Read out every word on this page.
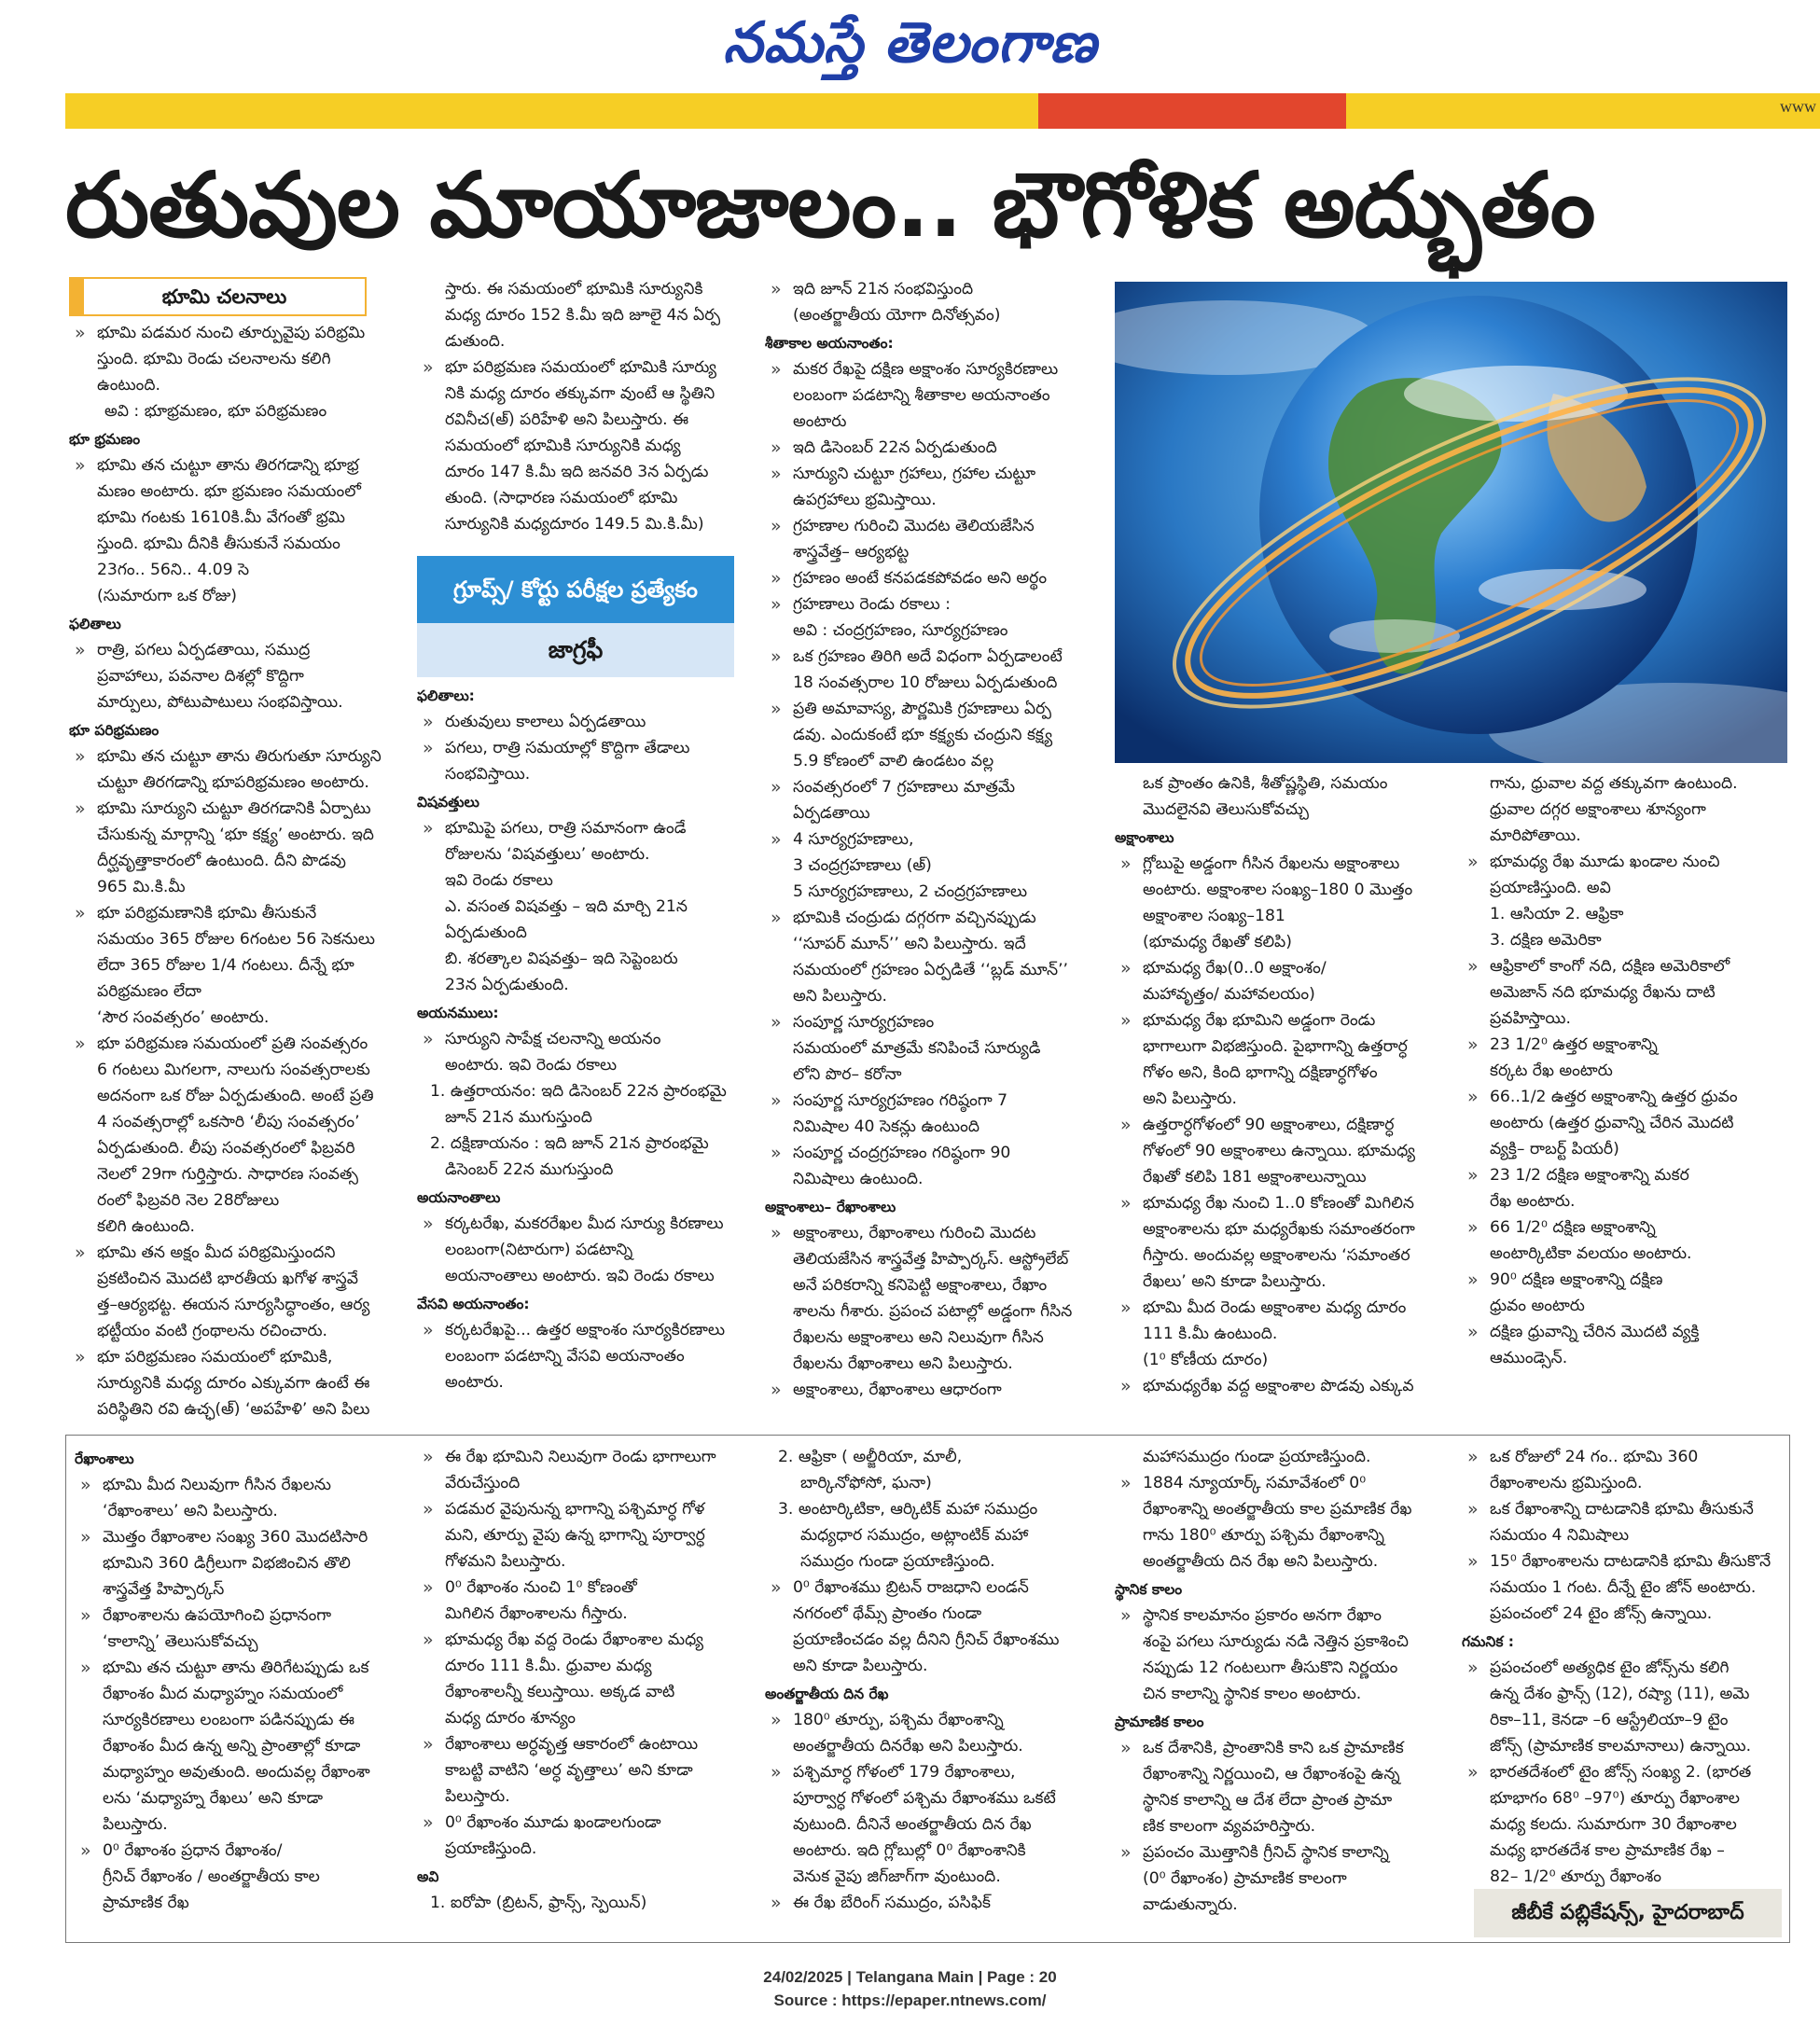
నమస్తే తెలంగాణ
www
రుతువుల మాయాజాలం.. భౌగోళిక అద్భుతం
భూమి చలనాలు

» భూమి పడమర నుంచి తూర్పువైపు పరిభ్రమి

స్తుంది. భూమి రెండు చలనాలను కలిగి

ఉంటుంది.

అవి : భూభ్రమణం, భూ పరిభ్రమణం

భూ భ్రమణం

» భూమి తన చుట్టూ తాను తిరగడాన్ని భూభ్ర

మణం అంటారు. భూ భ్రమణం సమయంలో

భూమి గంటకు 1610కి.మీ వేగంతో భ్రమి

స్తుంది. భూమి దీనికి తీసుకునే సమయం

23గం.. 56ని.. 4.09 సె

(సుమారుగా ఒక రోజు)

ఫలితాలు

» రాత్రి, పగలు ఏర్పడతాయి, సముద్ర

ప్రవాహాలు, పవనాల దిశల్లో కొద్దిగా

మార్పులు, పోటుపాటులు సంభవిస్తాయి.

భూ పరిభ్రమణం

» భూమి తన చుట్టూ తాను తిరుగుతూ సూర్యుని

చుట్టూ తిరగడాన్ని భూపరిభ్రమణం అంటారు.

» భూమి సూర్యుని చుట్టూ తిరగడానికి ఏర్పాటు

చేసుకున్న మార్గాన్ని ‘భూ కక్ష్య’ అంటారు. ఇది

దీర్ఘవృత్తాకారంలో ఉంటుంది. దీని పొడవు

965 మి.కి.మీ

» భూ పరిభ్రమణానికి భూమి తీసుకునే

సమయం 365 రోజుల 6గంటల 56 సెకనులు

లేదా 365 రోజుల 1/4 గంటలు. దీన్నే భూ

పరిభ్రమణం లేదా

‘సౌర సంవత్సరం’ అంటారు.

» భూ పరిభ్రమణ సమయంలో ప్రతి సంవత్సరం

6 గంటలు మిగలగా, నాలుగు సంవత్సరాలకు

అదనంగా ఒక రోజు ఏర్పడుతుంది. అంటే ప్రతి

4 సంవత్సరాల్లో ఒకసారి ‘లీపు సంవత్సరం’

ఏర్పడుతుంది. లీపు సంవత్సరంలో ఫిబ్రవరి

నెలలో 29గా గుర్తిస్తారు. సాధారణ సంవత్స

రంలో ఫిబ్రవరి నెల 28రోజులు

కలిగి ఉంటుంది.

» భూమి తన అక్షం మీద పరిభ్రమిస్తుందని

ప్రకటించిన మొదటి భారతీయ ఖగోళ శాస్త్రవే

త్త–ఆర్యభట్ట. ఈయన సూర్యసిద్ధాంతం, ఆర్య

భట్టీయం వంటి గ్రంథాలను రచించారు.

» భూ పరిభ్రమణం సమయంలో భూమికి,

సూర్యునికి మధ్య దూరం ఎక్కువగా ఉంటే ఈ

పరిస్థితిని రవి ఉచ్ఛ(అ్) ‘అపహేళి’ అని పిలు

స్తారు. ఈ సమయంలో భూమికి సూర్యునికి

మధ్య దూరం 152 కి.మీ ఇది జూలై 4న ఏర్ప

డుతుంది.

» భూ పరిభ్రమణ సమయంలో భూమికి సూర్యు

నికి మధ్య దూరం తక్కువగా వుంటే ఆ స్థితిని

రవినీచ(అ్) పరిహేళి అని పిలుస్తారు. ఈ

సమయంలో భూమికి సూర్యునికి మధ్య

దూరం 147 కి.మీ ఇది జనవరి 3న ఏర్పడు

తుంది. (సాధారణ సమయంలో భూమి

సూర్యునికి మధ్యదూరం 149.5 మి.కి.మీ)

గ్రూప్స్‌/ కోర్టు పరీక్షల ప్రత్యేకం
జాగ్రఫీ

ఫలితాలు:

» రుతువులు కాలాలు ఏర్పడతాయి

» పగలు, రాత్రి సమయాల్లో కొద్దిగా తేడాలు

సంభవిస్తాయి.

విషవత్తులు

» భూమిపై పగలు, రాత్రి సమానంగా ఉండే

రోజులను ‘విషవత్తులు’ అంటారు.

ఇవి రెండు రకాలు

ఎ. వసంత విషవత్తు – ఇది మార్చి 21న

ఏర్పడుతుంది

బి. శరత్కాల విషవత్తు– ఇది సెప్టెంబరు

23న ఏర్పడుతుంది.

అయనములు:

» సూర్యుని సాపేక్ష చలనాన్ని అయనం

అంటారు. ఇవి రెండు రకాలు

1. ఉత్తరాయనం: ఇది డిసెంబర్‌ 22న ప్రారంభమై

జూన్‌ 21న ముగుస్తుంది

2. దక్షిణాయనం : ఇది జూన్‌ 21న ప్రారంభమై

డిసెంబర్‌ 22న ముగుస్తుంది

అయనాంతాలు

» కర్కటరేఖ, మకరరేఖల మీద సూర్యు కిరణాలు

లంబంగా(నిటారుగా) పడటాన్ని

అయనాంతాలు అంటారు. ఇవి రెండు రకాలు

వేసవి అయనాంతం:

» కర్కటరేఖపై... ఉత్తర అక్షాంశం సూర్యకిరణాలు

లంబంగా పడటాన్ని వేసవి అయనాంతం

అంటారు.

» ఇది జూన్‌ 21న సంభవిస్తుంది

(అంతర్జాతీయ యోగా దినోత్సవం)

శీతాకాల అయనాంతం:

» మకర రేఖపై దక్షిణ అక్షాంశం సూర్యకిరణాలు

లంబంగా పడటాన్ని శీతాకాల అయనాంతం

అంటారు

» ఇది డిసెంబర్‌ 22న ఏర్పడుతుంది

» సూర్యుని చుట్టూ గ్రహాలు, గ్రహాల చుట్టూ

ఉపగ్రహాలు భ్రమిస్తాయి.

» గ్రహణాల గురించి మొదట తెలియజేసిన

శాస్త్రవేత్త– ఆర్యభట్ట

» గ్రహణం అంటే కనపడకపోవడం అని అర్థం

» గ్రహణాలు రెండు రకాలు :

అవి : చంద్రగ్రహణం, సూర్యగ్రహణం

» ఒక గ్రహణం తిరిగి అదే విధంగా ఏర్పడాలంటే

18 సంవత్సరాల 10 రోజులు ఏర్పడుతుంది

» ప్రతి అమావాస్య, పౌర్ణమికి గ్రహణాలు ఏర్ప

డవు. ఎందుకంటే భూ కక్ష్యకు చంద్రుని కక్ష్య

5.9 కోణంలో వాలి ఉండటం వల్ల

» సంవత్సరంలో 7 గ్రహణాలు మాత్రమే

ఏర్పడతాయి

» 4 సూర్యగ్రహణాలు,

3 చంద్రగ్రహణాలు (అ్)

5 సూర్యగ్రహణాలు, 2 చంద్రగ్రహణాలు

» భూమికి చంద్రుడు దగ్గరగా వచ్చినప్పుడు

‘‘సూపర్‌ మూన్‌’’ అని పిలుస్తారు. ఇదే

సమయంలో గ్రహణం ఏర్పడితే ‘‘బ్లడ్‌ మూన్‌’’

అని పిలుస్తారు.

» సంపూర్ణ సూర్యగ్రహణం

సమయంలో మాత్రమే కనిపించే సూర్యుడి

లోని పొర– కరోనా

» సంపూర్ణ సూర్యగ్రహణం గరిష్ఠంగా 7

నిమిషాల 40 సెకన్లు ఉంటుంది

» సంపూర్ణ చంద్రగ్రహణం గరిష్ఠంగా 90

నిమిషాలు ఉంటుంది.

అక్షాంశాలు– రేఖాంశాలు

» అక్షాంశాలు, రేఖాంశాలు గురించి మొదట

తెలియజేసిన శాస్త్రవేత్త హిప్పార్కస్‌. ఆస్ట్రోలేబ్‌

అనే పరికరాన్ని కనిపెట్టి అక్షాంశాలు, రేఖాం

శాలను గీశారు. ప్రపంచ పటాల్లో అడ్డంగా గీసిన

రేఖలను అక్షాంశాలు అని నిలువుగా గీసిన

రేఖలను రేఖాంశాలు అని పిలుస్తారు.

» అక్షాంశాలు, రేఖాంశాలు ఆధారంగా

ఒక ప్రాంతం ఉనికి, శీతోష్ణస్థితి, సమయం

మొదలైనవి తెలుసుకోవచ్చు

అక్షాంశాలు

» గ్లోబుపై అడ్డంగా గీసిన రేఖలను అక్షాంశాలు

అంటారు. అక్షాంశాల సంఖ్య–180 0 మొత్తం

అక్షాంశాల సంఖ్య–181

(భూమధ్య రేఖతో కలిపి)

» భూమధ్య రేఖ(0..0 అక్షాంశం/

మహావృత్తం/ మహావలయం)

» భూమధ్య రేఖ భూమిని అడ్డంగా రెండు

భాగాలుగా విభజిస్తుంది. పైభాగాన్ని ఉత్తరార్ధ

గోళం అని, కింది భాగాన్ని దక్షిణార్ధగోళం

అని పిలుస్తారు.

» ఉత్తరార్ధగోళంలో 90 అక్షాంశాలు, దక్షిణార్ధ

గోళంలో 90 అక్షాంశాలు ఉన్నాయి. భూమధ్య

రేఖతో కలిపి 181 అక్షాంశాలున్నాయి

» భూమధ్య రేఖ నుంచి 1..0 కోణంతో మిగిలిన

అక్షాంశాలను భూ మధ్యరేఖకు సమాంతరంగా

గీస్తారు. అందువల్ల అక్షాంశాలను ‘సమాంతర

రేఖలు’ అని కూడా పిలుస్తారు.

» భూమి మీద రెండు అక్షాంశాల మధ్య దూరం

111 కి.మీ ఉంటుంది.

(1⁰ కోణీయ దూరం)

» భూమధ్యరేఖ వద్ద అక్షాంశాల పొడవు ఎక్కువ

గాను, ధ్రువాల వద్ద తక్కువగా ఉంటుంది.

ధ్రువాల దగ్గర అక్షాంశాలు శూన్యంగా

మారిపోతాయి.

» భూమధ్య రేఖ మూడు ఖండాల నుంచి

ప్రయాణిస్తుంది. అవి

1. ఆసియా 2. ఆఫ్రికా

3. దక్షిణ అమెరికా

» ఆఫ్రికాలో కాంగో నది, దక్షిణ అమెరికాలో

అమెజాన్‌ నది భూమధ్య రేఖను దాటి

ప్రవహిస్తాయి.

» 23 1/2⁰ ఉత్తర అక్షాంశాన్ని

కర్కట రేఖ అంటారు

» 66..1/2 ఉత్తర అక్షాంశాన్ని ఉత్తర ధ్రువం

అంటారు (ఉత్తర ధ్రువాన్ని చేరిన మొదటి

వ్యక్తి– రాబర్ట్‌ పియరీ)

» 23 1/2 దక్షిణ అక్షాంశాన్ని మకర

రేఖ అంటారు.

» 66 1/2⁰ దక్షిణ అక్షాంశాన్ని

అంటార్కిటికా వలయం అంటారు.

» 90⁰ దక్షిణ అక్షాంశాన్ని దక్షిణ

ధ్రువం అంటారు

» దక్షిణ ధ్రువాన్ని చేరిన మొదటి వ్యక్తి

ఆముండ్సెన్‌.

రేఖాంశాలు

» భూమి మీద నిలువుగా గీసిన రేఖలను

‘రేఖాంశాలు’ అని పిలుస్తారు.

» మొత్తం రేఖాంశాల సంఖ్య 360 మొదటిసారి

భూమిని 360 డిగ్రీలుగా విభజించిన తొలి

శాస్త్రవేత్త హిప్పార్కస్‌

» రేఖాంశాలను ఉపయోగించి ప్రధానంగా

‘కాలాన్ని’ తెలుసుకోవచ్చు

» భూమి తన చుట్టూ తాను తిరిగేటప్పుడు ఒక

రేఖాంశం మీద మధ్యాహ్నం సమయంలో

సూర్యకిరణాలు లంబంగా పడినప్పుడు ఈ

రేఖాంశం మీద ఉన్న అన్ని ప్రాంతాల్లో కూడా

మధ్యాహ్నం అవుతుంది. అందువల్ల రేఖాంశా

లను ‘మధ్యాహ్న రేఖలు’ అని కూడా

పిలుస్తారు.

» 0⁰ రేఖాంశం ప్రధాన రేఖాంశం/

గ్రీనిచ్‌ రేఖాంశం / అంతర్జాతీయ కాల

ప్రామాణిక రేఖ

» ఈ రేఖ భూమిని నిలువుగా రెండు భాగాలుగా

వేరుచేస్తుంది

» పడమర వైపునున్న భాగాన్ని పశ్చిమార్ధ గోళ

మని, తూర్పు వైపు ఉన్న భాగాన్ని పూర్వార్ధ

గోళమని పిలుస్తారు.

» 0⁰ రేఖాంశం నుంచి 1⁰ కోణంతో

మిగిలిన రేఖాంశాలను గీస్తారు.

» భూమధ్య రేఖ వద్ద రెండు రేఖాంశాల మధ్య

దూరం 111 కి.మీ. ధ్రువాల మధ్య

రేఖాంశాలన్నీ కలుస్తాయి. అక్కడ వాటి

మధ్య దూరం శూన్యం

» రేఖాంశాలు అర్ధవృత్త ఆకారంలో ఉంటాయి

కాబట్టి వాటిని ‘అర్ధ వృత్తాలు’ అని కూడా

పిలుస్తారు.

» 0⁰ రేఖాంశం మూడు ఖండాలగుండా

ప్రయాణిస్తుంది.

అవి

1. ఐరోపా (బ్రిటన్‌, ఫ్రాన్స్‌, స్పెయిన్‌)

2. ఆఫ్రికా ( అల్జీరియా, మాలీ,

బార్కినోఫోసో, ఘనా)

3. అంటార్కిటికా, ఆర్కిటిక్‌ మహా సముద్రం

మధ్యధార సముద్రం, అట్లాంటిక్‌ మహా

సముద్రం గుండా ప్రయాణిస్తుంది.

» 0⁰ రేఖాంశము బ్రిటన్‌ రాజధాని లండన్‌

నగరంలో థేమ్స్‌ ప్రాంతం గుండా

ప్రయాణించడం వల్ల దీనిని గ్రీనిచ్‌ రేఖాంశము

అని కూడా పిలుస్తారు.

అంతర్జాతీయ దిన రేఖ

» 180⁰ తూర్పు, పశ్చిమ రేఖాంశాన్ని

అంతర్జాతీయ దినరేఖ అని పిలుస్తారు.

» పశ్చిమార్ధ గోళంలో 179 రేఖాంశాలు,

పూర్వార్ధ గోళంలో పశ్చిమ రేఖాంశము ఒకటే

వుటుంది. దీనినే అంతర్జాతీయ దిన రేఖ

అంటారు. ఇది గ్లోబుల్లో 0⁰ రేఖాంశానికి

వెనుక వైపు జిగ్‌జాగ్‌గా వుంటుంది.

» ఈ రేఖ బేరింగ్‌ సముద్రం, పసిఫిక్‌

మహాసముద్రం గుండా ప్రయాణిస్తుంది.

» 1884 న్యూయార్క్‌ సమావేశంలో 0⁰

రేఖాంశాన్ని అంతర్జాతీయ కాల ప్రమాణిక రేఖ

గాను 180⁰ తూర్పు పశ్చిమ రేఖాంశాన్ని

అంతర్జాతీయ దిన రేఖ అని పిలుస్తారు.

స్థానిక కాలం

» స్థానిక కాలమానం ప్రకారం అనగా రేఖాం

శంపై పగలు సూర్యుడు నడి నెత్తిన ప్రకాశించి

నప్పుడు 12 గంటలుగా తీసుకొని నిర్ణయం

చిన కాలాన్ని స్థానిక కాలం అంటారు.

ప్రామాణిక కాలం

» ఒక దేశానికి, ప్రాంతానికి కాని ఒక ప్రామాణిక

రేఖాంశాన్ని నిర్ణయించి, ఆ రేఖాంశంపై ఉన్న

స్థానిక కాలాన్ని ఆ దేశ లేదా ప్రాంత ప్రామా

ణిక కాలంగా వ్యవహరిస్తారు.

» ప్రపంచం మొత్తానికి గ్రీనిచ్‌ స్థానిక కాలాన్ని

(0⁰ రేఖాంశం) ప్రామాణిక కాలంగా

వాడుతున్నారు.

» ఒక రోజులో 24 గం.. భూమి 360

రేఖాంశాలను భ్రమిస్తుంది.

» ఒక రేఖాంశాన్ని దాటడానికి భూమి తీసుకునే

సమయం 4 నిమిషాలు

» 15⁰ రేఖాంశాలను దాటడానికి భూమి తీసుకొనే

సమయం 1 గంట. దీన్నే టైం జోన్‌ అంటారు.

ప్రపంచంలో 24 టైం జోన్స్‌ ఉన్నాయి.

గమనిక :

» ప్రపంచంలో అత్యధిక టైం జోన్స్‌ను కలిగి

ఉన్న దేశం ఫ్రాన్స్‌ (12), రష్యా (11), అమె

రికా–11, కెనడా –6 ఆస్ట్రేలియా–9 టైం

జోన్స్‌ (ప్రామాణిక కాలమానాలు) ఉన్నాయి.

» భారతదేశంలో టైం జోన్స్‌ సంఖ్య 2. (భారత

భూభాగం 68⁰ –97⁰) తూర్పు రేఖాంశాల

మధ్య కలదు. సుమారుగా 30 రేఖాంశాల

మధ్య భారతదేశ కాల ప్రామాణిక రేఖ –

82– 1/2⁰ తూర్పు రేఖాంశం

జీబీకే పబ్లికేషన్స్‌, హైదరాబాద్‌
24/02/2025 | Telangana Main | Page : 20
Source : https://epaper.ntnews.com/
